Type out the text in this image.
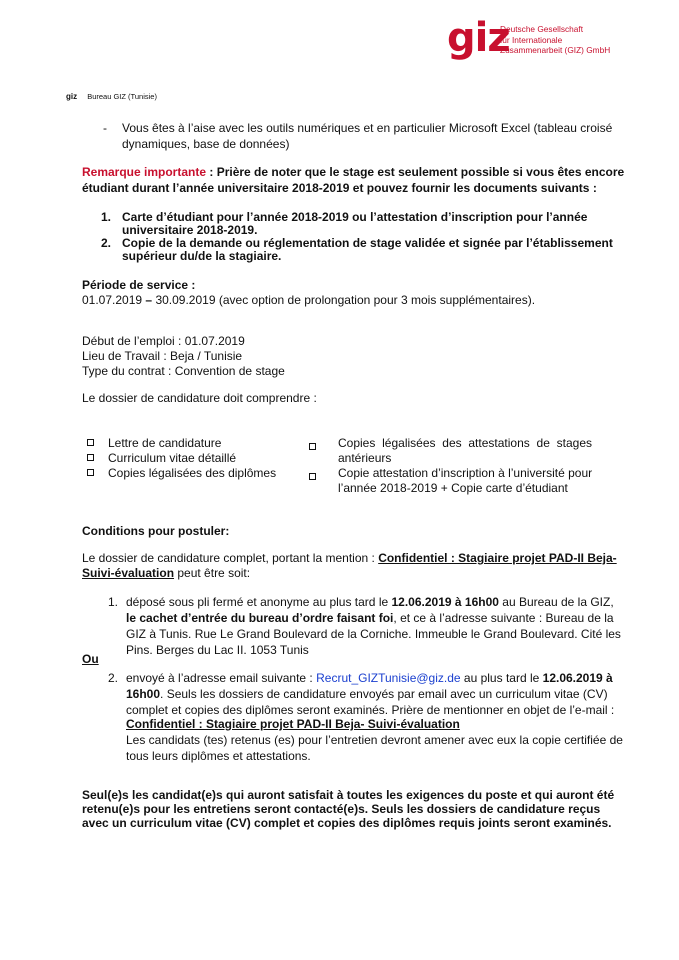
giz
Deutsche Gesellschaft
für Internationale
Zusammenarbeit (GIZ) GmbH
giz Bureau GIZ (Tunisie)
- Vous êtes à l’aise avec les outils numériques et en particulier Microsoft Excel (tableau croisé
dynamiques, base de données)
Remarque importante : Prière de noter que le stage est seulement possible si vous êtes encore
étudiant durant l’année universitaire 2018-2019 et pouvez fournir les documents suivants :
1. Carte d’étudiant pour l’année 2018-2019 ou l’attestation d’inscription pour l’année
universitaire 2018-2019.
2. Copie de la demande ou réglementation de stage validée et signée par l’établissement
supérieur du/de la stagiaire.
Période de service :
01.07.2019 – 30.09.2019 (avec option de prolongation pour 3 mois supplémentaires).
Début de l’emploi : 01.07.2019
Lieu de Travail : Beja / Tunisie
Type du contrat : Convention de stage
Le dossier de candidature doit comprendre :
Lettre de candidature
Curriculum vitae détaillé
Copies légalisées des diplômes
Copies légalisées des attestations de stages
antérieurs
Copie attestation d’inscription à l’université pour
l’année 2018-2019 + Copie carte d’étudiant
Conditions pour postuler:
Le dossier de candidature complet, portant la mention : Confidentiel : Stagiaire projet PAD-II Beja-
Suivi-évaluation peut être soit:
1. déposé sous pli fermé et anonyme au plus tard le 12.06.2019 à 16h00 au Bureau de la GIZ,
le cachet d’entrée du bureau d’ordre faisant foi, et ce à l’adresse suivante : Bureau de la
GIZ à Tunis. Rue Le Grand Boulevard de la Corniche. Immeuble le Grand Boulevard. Cité les
Pins. Berges du Lac II. 1053 Tunis
Ou
2. envoyé à l’adresse email suivante : Recrut_GIZTunisie@giz.de au plus tard le 12.06.2019 à
16h00. Seuls les dossiers de candidature envoyés par email avec un curriculum vitae (CV)
complet et copies des diplômes seront examinés. Prière de mentionner en objet de l’e-mail :
Confidentiel : Stagiaire projet PAD-II Beja- Suivi-évaluation
Les candidats (tes) retenus (es) pour l’entretien devront amener avec eux la copie certifiée de
tous leurs diplômes et attestations.
Seul(e)s les candidat(e)s qui auront satisfait à toutes les exigences du poste et qui auront été
retenu(e)s pour les entretiens seront contacté(e)s. Seuls les dossiers de candidature reçus
avec un curriculum vitae (CV) complet et copies des diplômes requis joints seront examinés.
